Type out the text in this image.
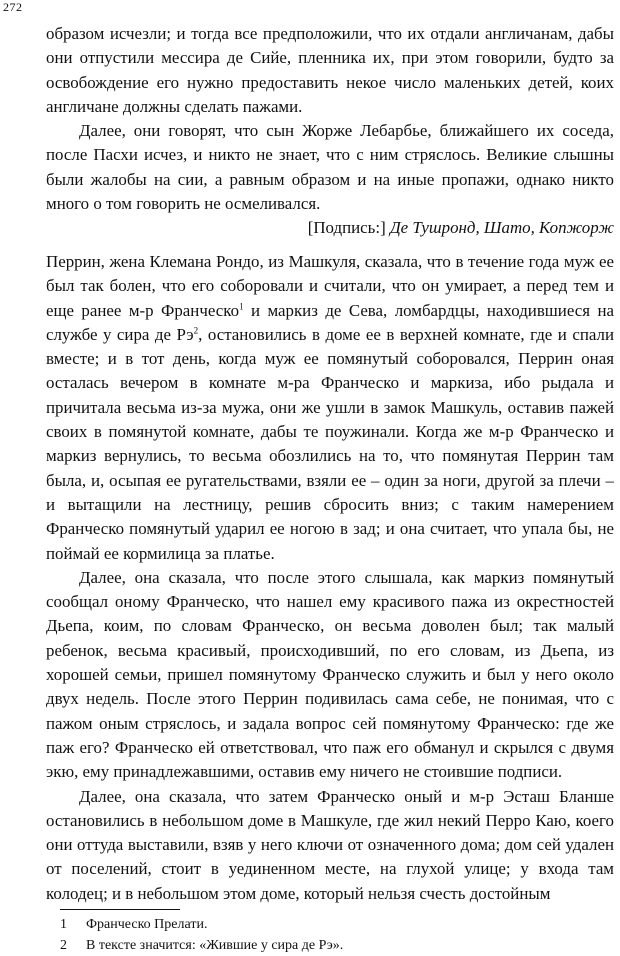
272

образом исчезли; и тогда все предположили, что их отдали англичанам, дабы они отпустили мессира де Сийе, пленника их, при этом говорили, будто за освобождение его нужно предоставить некое число маленьких детей, коих англичане должны сделать пажами.

Далее, они говорят, что сын Жорже Лебарбье, ближайшего их соседа, после Пасхи исчез, и никто не знает, что с ним стряслось. Великие слышны были жалобы на сии, а равным образом и на иные пропажи, однако никто много о том говорить не осмеливался.

[Подпись:] Де Тушронд, Шато, Копжорж

Перрин, жена Клемана Рондо, из Машкуля, сказала, что в течение года муж ее был так болен, что его соборовали и считали, что он умирает, а перед тем и еще ранее м-р Франческо$^1$ и маркиз де Сева, ломбардцы, находившиеся на службе у сира де Рэ$^2$, остановились в доме ее в верхней комнате, где и спали вместе; и в тот день, когда муж ее помянутый соборовался, Перрин оная осталась вечером в комнате м-ра Франческо и маркиза, ибо рыдала и причитала весьма из-за мужа, они же ушли в замок Машкуль, оставив пажей своих в помянутой комнате, дабы те поужинали. Когда же м-р Франческо и маркиз вернулись, то весьма обозлились на то, что помянутая Перрин там была, и, осыпая ее ругательствами, взяли ее – один за ноги, другой за плечи – и вытащили на лестницу, решив сбросить вниз; с таким намерением Франческо помянутый ударил ее ногою в зад; и она считает, что упала бы, не поймай ее кормилица за платье.

Далее, она сказала, что после этого слышала, как маркиз помянутый сообщал оному Франческо, что нашел ему красивого пажа из окрестностей Дьепа, коим, по словам Франческо, он весьма доволен был; так малый ребенок, весьма красивый, происходивший, по его словам, из Дьепа, из хорошей семьи, пришел помянутому Франческо служить и был у него около двух недель. После этого Перрин подивилась сама себе, не понимая, что с пажом оным стряслось, и задала вопрос сей помянутому Франческо: где же паж его? Франческо ей ответствовал, что паж его обманул и скрылся с двумя экю, ему принадлежавшими, оставив ему ничего не стоившие подписи.

Далее, она сказала, что затем Франческо оный и м-р Эсташ Бланше остановились в небольшом доме в Машкуле, где жил некий Перро Каю, коего они оттуда выставили, взяв у него ключи от означенного дома; дом сей удален от поселений, стоит в уединенном месте, на глухой улице; у входа там колодец; и в небольшом этом доме, который нельзя счесть достойным

1 Франческо Прелати.

2 В тексте значится: «Жившие у сира де Рэ».
